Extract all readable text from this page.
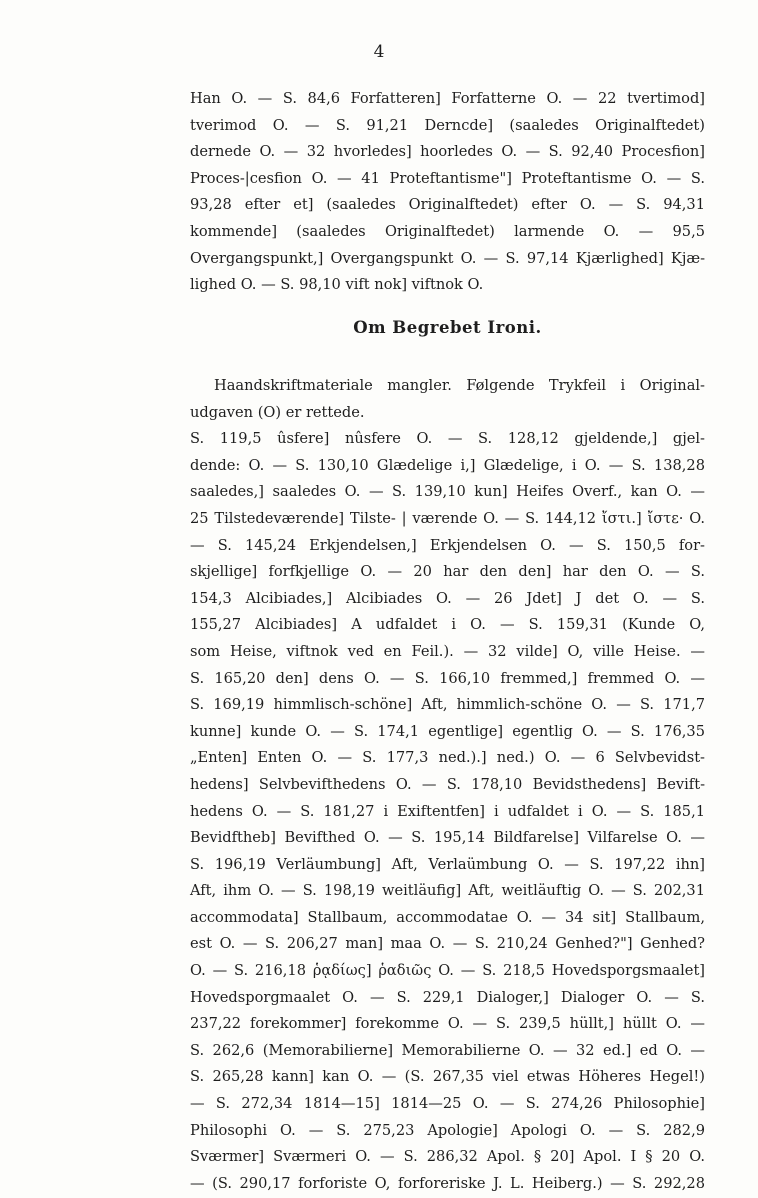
4
Han O. — S. 84,6 Forfatteren] Forfatterne O. — 22 tvertimod]
tverimod O. — S. 91,21 Derncde] (saaledes Originalftedet)
dernede O. — 32 hvorledes] hoorledes O. — S. 92,40 Procesfion]
Proces-|cesfion O. — 41 Proteftantisme"] Proteftantisme O. — S.
93,28 efter et] (saaledes Originalftedet) efter O. — S. 94,31
kommende] (saaledes Originalftedet) larmende O. — 95,5
Overgangspunkt,] Overgangspunkt O. — S. 97,14 Kjærlighed] Kjæ-
lighed O. — S. 98,10 vift nok] viftnok O.
Om Begrebet Ironi.
Haandskriftmateriale mangler. Følgende Trykfeil i Original-
udgaven (O) er rettede.
S. 119,5 ûsfere] nûsfere O. — S. 128,12 gjeldende,] gjel-
dende: O. — S. 130,10 Glædelige i,] Glædelige, i O. — S. 138,28
saaledes,] saaledes O. — S. 139,10 kun] Heifes Overf., kan O. —
25 Tilstedeværende] Tilste- | værende O. — S. 144,12 ἴστι.] ἴστε· O.
— S. 145,24 Erkjendelsen,] Erkjendelsen O. — S. 150,5 for-
skjellige] forfkjellige O. — 20 har den den] har den O. — S.
154,3 Alcibiades,] Alcibiades O. — 26 Jdet] J det O. — S.
155,27 Alcibiades] A udfaldet i O. — S. 159,31 (Kunde O,
som Heise, viftnok ved en Feil.). — 32 vilde] O, ville Heise. —
S. 165,20 den] dens O. — S. 166,10 fremmed,] fremmed O. —
S. 169,19 himmlisch-schöne] Aft, himmlich-schöne O. — S. 171,7
kunne] kunde O. — S. 174,1 egentlige] egentlig O. — S. 176,35
„Enten] Enten O. — S. 177,3 ned.).] ned.) O. — 6 Selvbevidst-
hedens] Selvbevifthedens O. — S. 178,10 Bevidsthedens] Bevift-
hedens O. — S. 181,27 i Exiftentfen] i udfaldet i O. — S. 185,1
Bevidftheb] Bevifthed O. — S. 195,14 Bildfarelse] Vilfarelse O. —
S. 196,19 Verläumbung] Aft, Verlaümbung O. — S. 197,22 ihn]
Aft, ihm O. — S. 198,19 weitläufig] Aft, weitläuftig O. — S. 202,31
accommodata] Stallbaum, accommodatae O. — 34 sit] Stallbaum,
est O. — S. 206,27 man] maa O. — S. 210,24 Genhed?"] Genhed?
O. — S. 216,18 ῥᾳδίως] ῥαδιῶς O. — S. 218,5 Hovedsporgsmaalet]
Hovedsporgmaalet O. — S. 229,1 Dialoger,] Dialoger O. — S.
237,22 forekommer] forekomme O. — S. 239,5 hüllt,] hüllt O. —
S. 262,6 (Memorabilierne] Memorabilierne O. — 32 ed.] ed O. —
S. 265,28 kann] kan O. — (S. 267,35 viel etwas Höheres Hegel!)
— S. 272,34 1814—15] 1814—25 O. — S. 274,26 Philosophie]
Philosophi O. — S. 275,23 Apologie] Apologi O. — S. 282,9
Sværmer] Sværmeri O. — S. 286,32 Apol. § 20] Apol. I § 20 O.
— (S. 290,17 forforiste O, forforeriske J. L. Heiberg.) — S. 292,28
